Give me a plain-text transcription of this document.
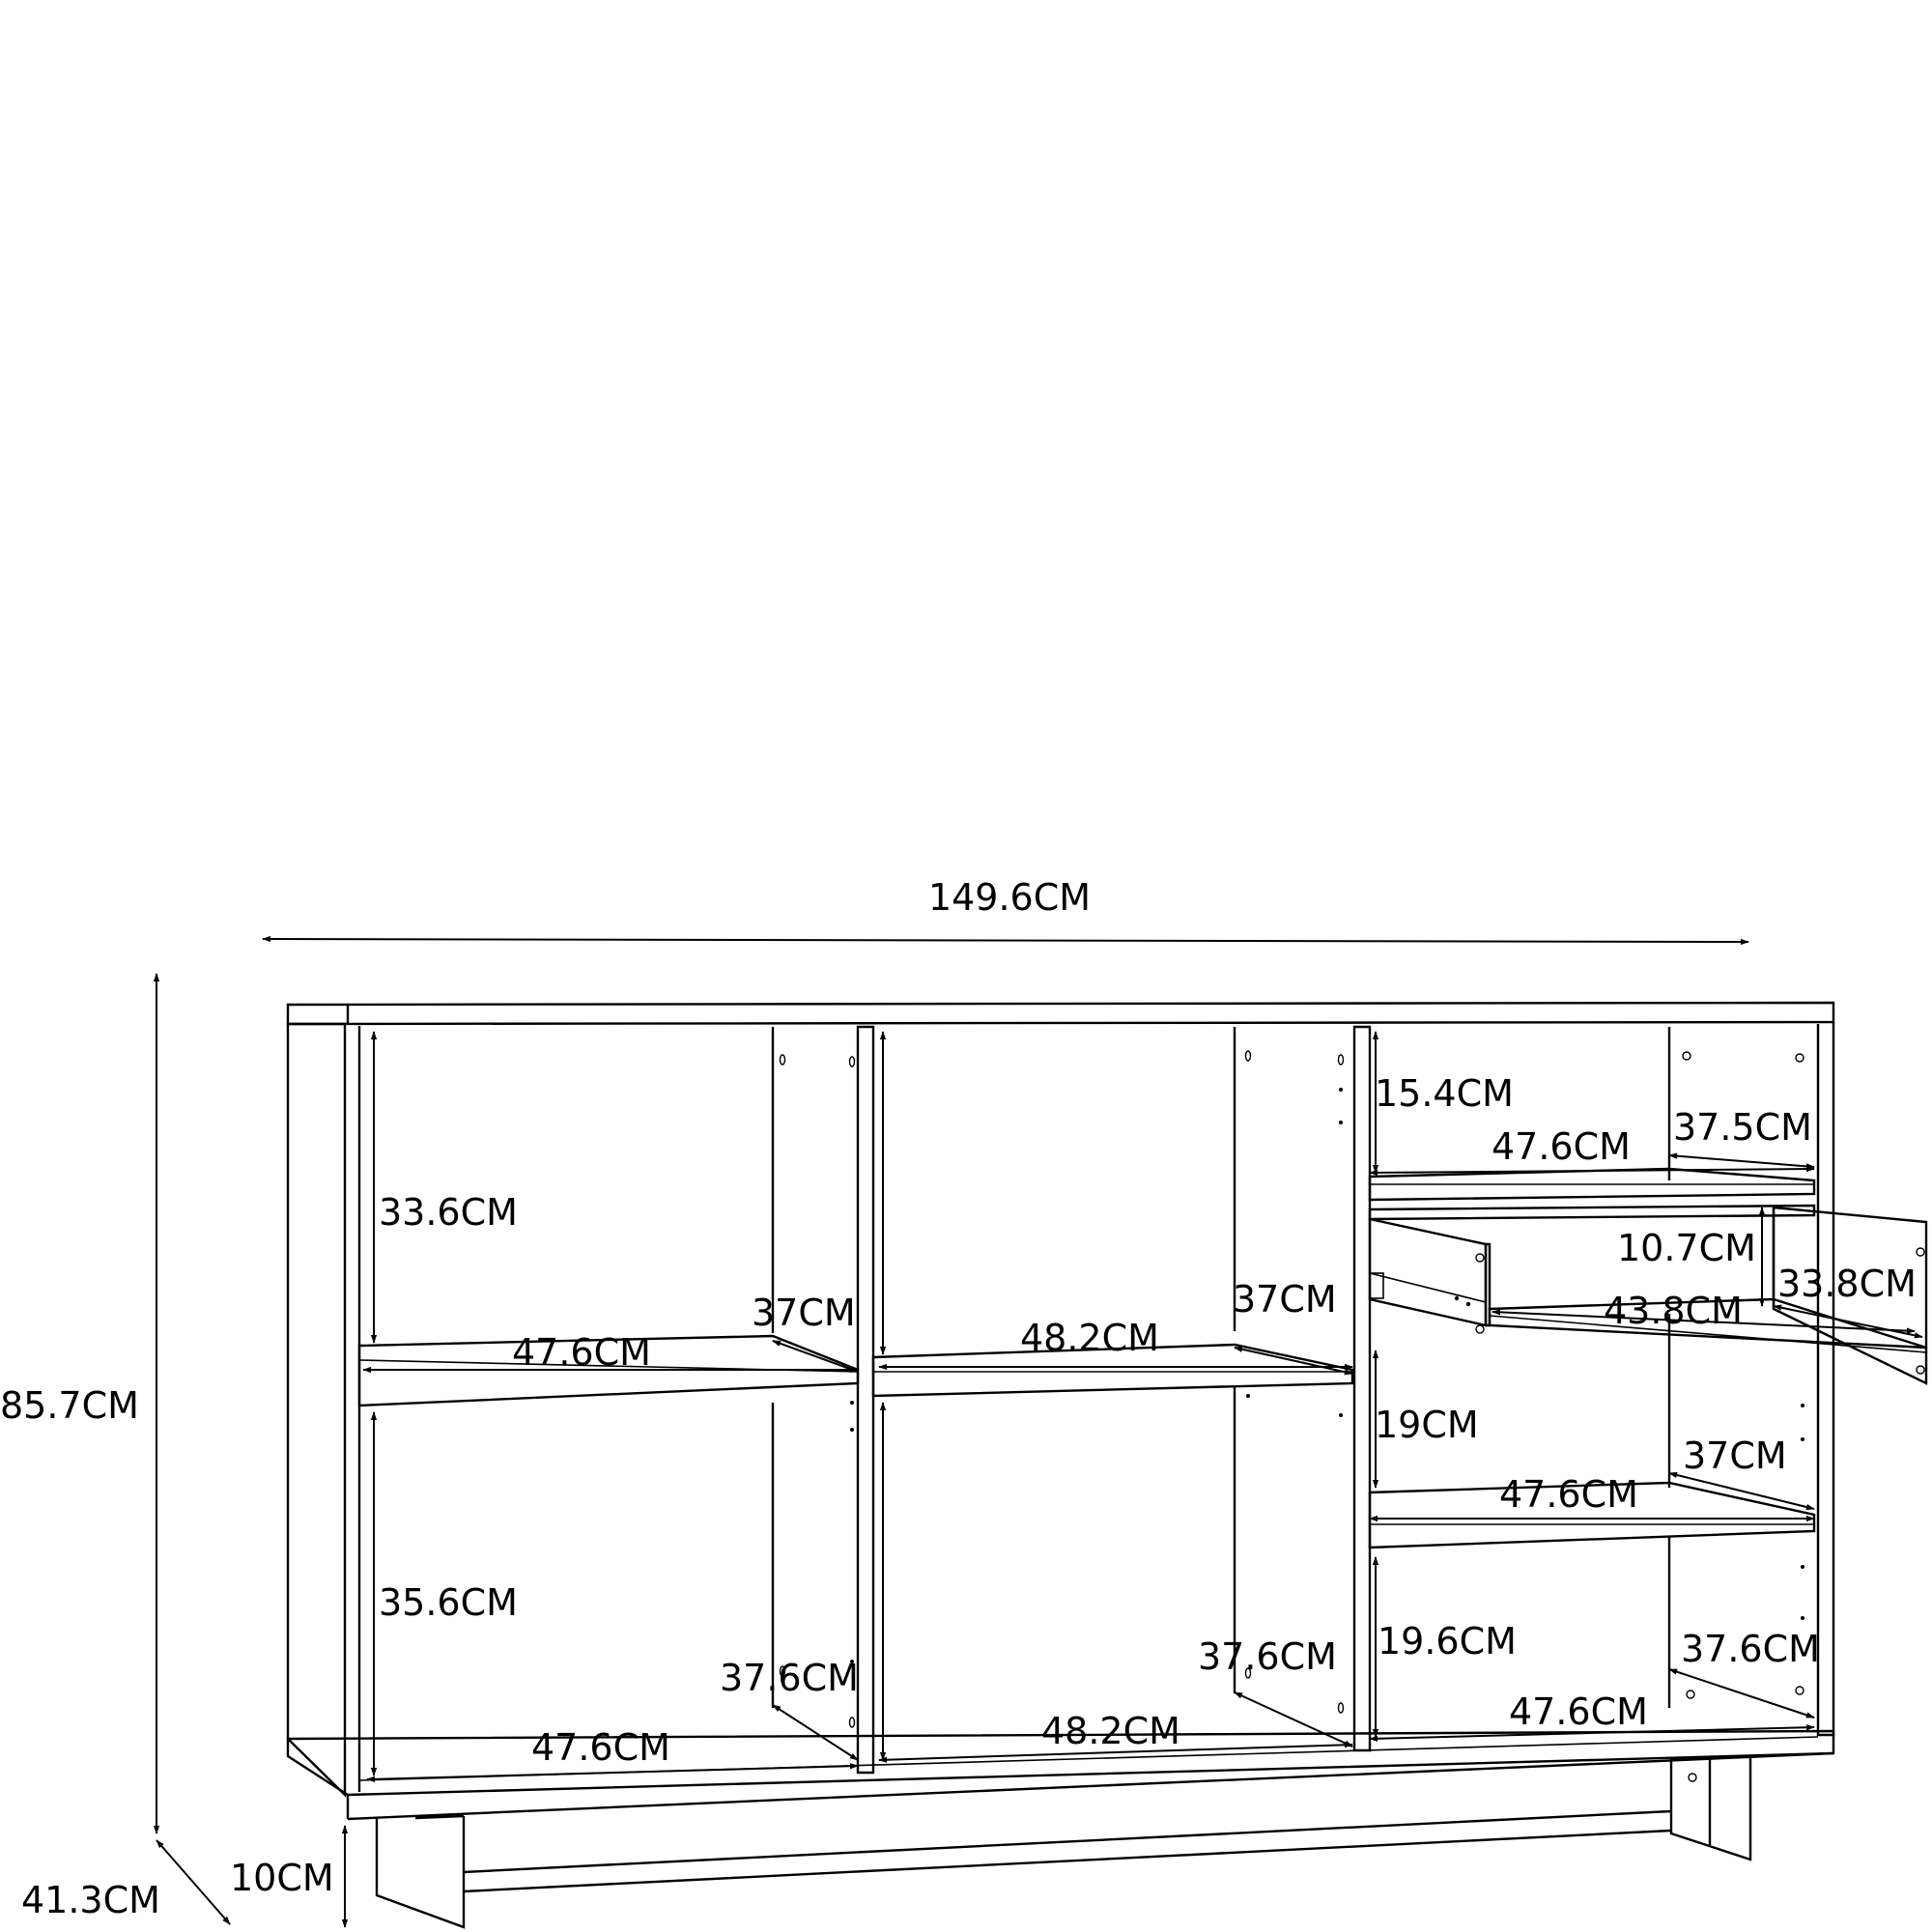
149.6CM
85.7CM
41.3CM
10CM
33.6CM
47.6CM
37CM
35.6CM
47.6CM
37.6CM
48.2CM
37CM
48.2CM
37.6CM
15.4CM
47.6CM 37.5CM
10.7CM
43.8CM
33.8CM
19CM
47.6CM
37CM
19.6CM
47.6CM
37.6CM
